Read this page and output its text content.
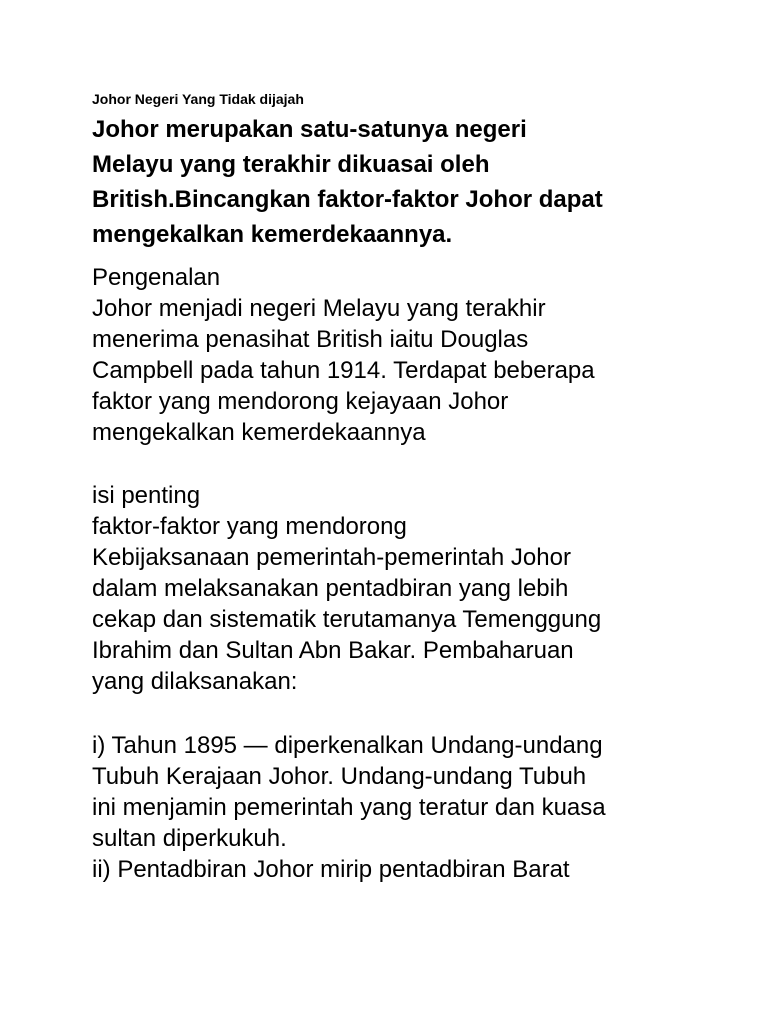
Johor Negeri Yang Tidak dijajah

Johor merupakan satu-satunya negeri
Melayu yang terakhir dikuasai oleh
British.Bincangkan faktor-faktor Johor dapat
mengekalkan kemerdekaannya.
Pengenalan
Johor menjadi negeri Melayu yang terakhir
menerima penasihat British iaitu Douglas
Campbell pada tahun 1914. Terdapat beberapa
faktor yang mendorong kejayaan Johor
mengekalkan kemerdekaannya
isi penting
faktor-faktor yang mendorong
Kebijaksanaan pemerintah-pemerintah Johor
dalam melaksanakan pentadbiran yang lebih
cekap dan sistematik terutamanya Temenggung
Ibrahim dan Sultan Abn Bakar. Pembaharuan
yang dilaksanakan:
i) Tahun 1895 — diperkenalkan Undang-undang
Tubuh Kerajaan Johor. Undang-undang Tubuh
ini menjamin pemerintah yang teratur dan kuasa
sultan diperkukuh.
ii) Pentadbiran Johor mirip pentadbiran Barat
